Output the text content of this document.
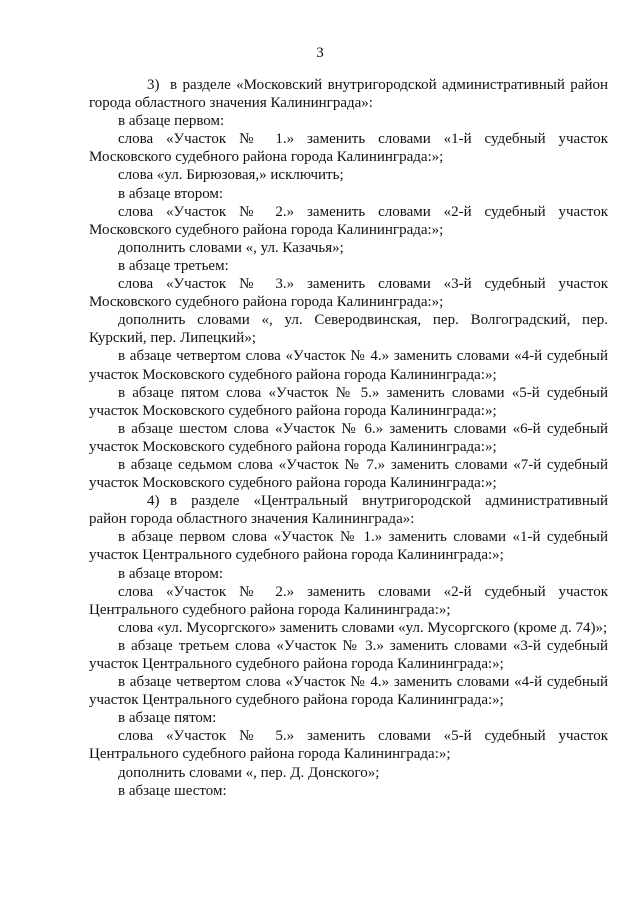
3

3) в разделе «Московский внутригородской административный район города областного значения Калининграда»:

в абзаце первом:

слова «Участок № 1.» заменить словами «1-й судебный участок Московского судебного района города Калининграда:»;

слова «ул. Бирюзовая,» исключить;

в абзаце втором:

слова «Участок № 2.» заменить словами «2-й судебный участок Московского судебного района города Калининграда:»;

дополнить словами «, ул. Казачья»;

в абзаце третьем:

слова «Участок № 3.» заменить словами «3-й судебный участок Московского судебного района города Калининграда:»;

дополнить словами «, ул. Северодвинская, пер. Волгоградский, пер. Курский, пер. Липецкий»;

в абзаце четвертом слова «Участок № 4.» заменить словами «4-й судебный участок Московского судебного района города Калининграда:»;

в абзаце пятом слова «Участок № 5.» заменить словами «5-й судебный участок Московского судебного района города Калининграда:»;

в абзаце шестом слова «Участок № 6.» заменить словами «6-й судебный участок Московского судебного района города Калининграда:»;

в абзаце седьмом слова «Участок № 7.» заменить словами «7-й судебный участок Московского судебного района города Калининграда:»;

4) в разделе «Центральный внутригородской административный район города областного значения Калининграда»:

в абзаце первом слова «Участок № 1.» заменить словами «1-й судебный участок Центрального судебного района города Калининграда:»;

в абзаце втором:

слова «Участок № 2.» заменить словами «2-й судебный участок Центрального судебного района города Калининграда:»;

слова «ул. Мусоргского» заменить словами «ул. Мусоргского (кроме д. 74)»;

в абзаце третьем слова «Участок № 3.» заменить словами «3-й судебный участок Центрального судебного района города Калининграда:»;

в абзаце четвертом слова «Участок № 4.» заменить словами «4-й судебный участок Центрального судебного района города Калининграда:»;

в абзаце пятом:

слова «Участок № 5.» заменить словами «5-й судебный участок Центрального судебного района города Калининграда:»;

дополнить словами «, пер. Д. Донского»;

в абзаце шестом:
